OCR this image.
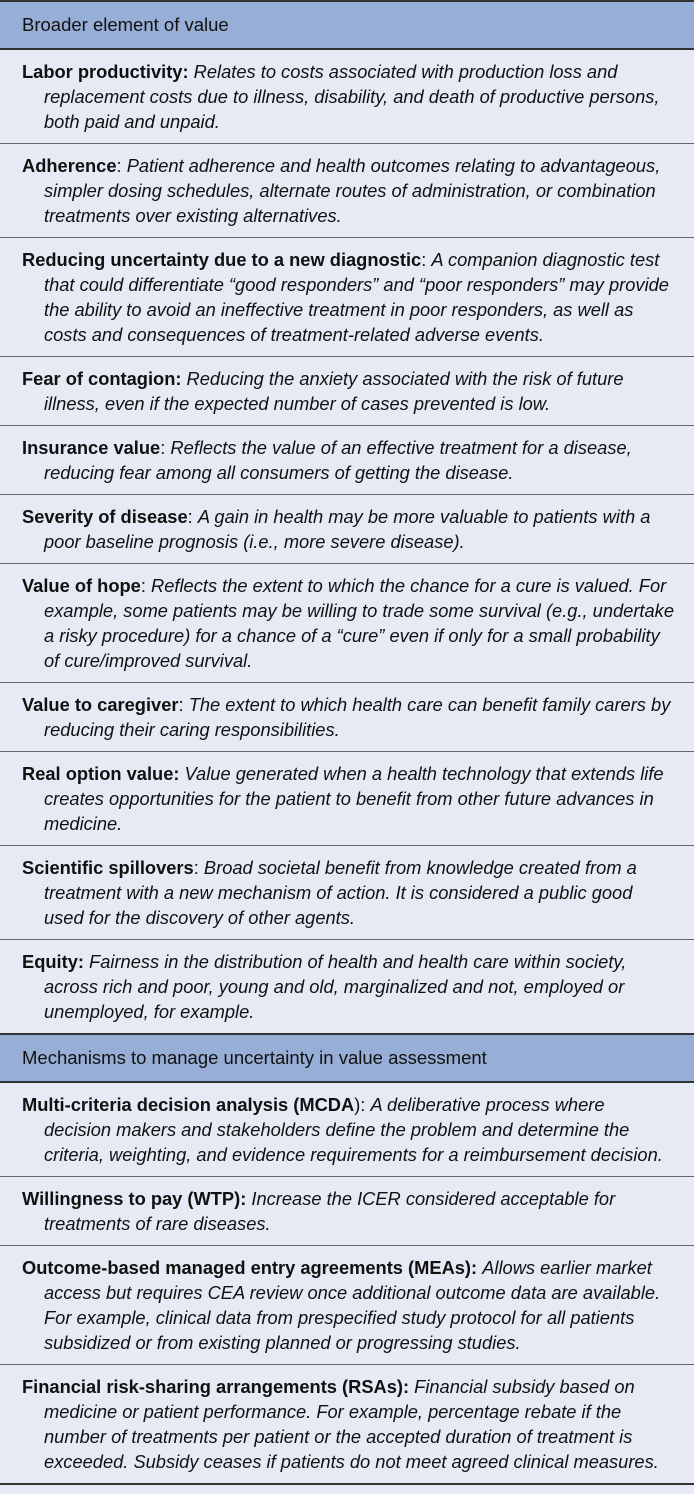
Broader element of value
Labor productivity: Relates to costs associated with production loss and replacement costs due to illness, disability, and death of productive persons, both paid and unpaid.
Adherence: Patient adherence and health outcomes relating to advantageous, simpler dosing schedules, alternate routes of administration, or combination treatments over existing alternatives.
Reducing uncertainty due to a new diagnostic: A companion diagnostic test that could differentiate “good responders” and “poor responders” may provide the ability to avoid an ineffective treatment in poor responders, as well as costs and consequences of treatment-related adverse events.
Fear of contagion: Reducing the anxiety associated with the risk of future illness, even if the expected number of cases prevented is low.
Insurance value: Reflects the value of an effective treatment for a disease, reducing fear among all consumers of getting the disease.
Severity of disease: A gain in health may be more valuable to patients with a poor baseline prognosis (i.e., more severe disease).
Value of hope: Reflects the extent to which the chance for a cure is valued. For example, some patients may be willing to trade some survival (e.g., undertake a risky procedure) for a chance of a “cure” even if only for a small probability of cure/improved survival.
Value to caregiver: The extent to which health care can benefit family carers by reducing their caring responsibilities.
Real option value: Value generated when a health technology that extends life creates opportunities for the patient to benefit from other future advances in medicine.
Scientific spillovers: Broad societal benefit from knowledge created from a treatment with a new mechanism of action. It is considered a public good used for the discovery of other agents.
Equity: Fairness in the distribution of health and health care within society, across rich and poor, young and old, marginalized and not, employed or unemployed, for example.
Mechanisms to manage uncertainty in value assessment
Multi-criteria decision analysis (MCDA): A deliberative process where decision makers and stakeholders define the problem and determine the criteria, weighting, and evidence requirements for a reimbursement decision.
Willingness to pay (WTP): Increase the ICER considered acceptable for treatments of rare diseases.
Outcome-based managed entry agreements (MEAs): Allows earlier market access but requires CEA review once additional outcome data are available. For example, clinical data from prespecified study protocol for all patients subsidized or from existing planned or progressing studies.
Financial risk-sharing arrangements (RSAs): Financial subsidy based on medicine or patient performance. For example, percentage rebate if the number of treatments per patient or the accepted duration of treatment is exceeded. Subsidy ceases if patients do not meet agreed clinical measures.
